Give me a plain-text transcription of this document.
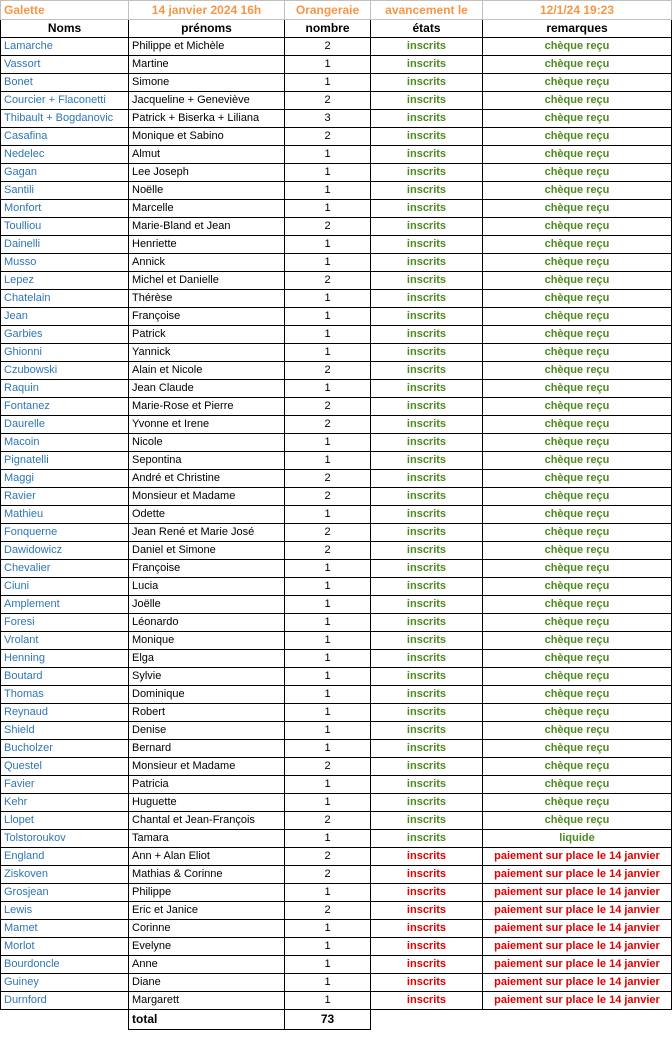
Galette	14 janvier 2024 16h	Orangeraie	avancement le	12/1/24 19:23
Noms	prénoms	nombre	états	remarques
Lamarche	Philippe et Michèle	2	inscrits	chèque reçu
Vassort	Martine	1	inscrits	chèque reçu
Bonet	Simone	1	inscrits	chèque reçu
Courcier + Flaconetti	Jacqueline + Geneviève	2	inscrits	chèque reçu
Thibault + Bogdanovic	Patrick + Biserka + Liliana	3	inscrits	chèque reçu
Casafina	Monique et Sabino	2	inscrits	chèque reçu
Nedelec	Almut	1	inscrits	chèque reçu
Gagan	Lee Joseph	1	inscrits	chèque reçu
Santili	Noëlle	1	inscrits	chèque reçu
Monfort	Marcelle	1	inscrits	chèque reçu
Toulliou	Marie-Bland et Jean	2	inscrits	chèque reçu
Dainelli	Henriette	1	inscrits	chèque reçu
Musso	Annick	1	inscrits	chèque reçu
Lepez	Michel et Danielle	2	inscrits	chèque reçu
Chatelain	Thérèse	1	inscrits	chèque reçu
Jean	Françoise	1	inscrits	chèque reçu
Garbies	Patrick	1	inscrits	chèque reçu
Ghionni	Yannick	1	inscrits	chèque reçu
Czubowski	Alain et Nicole	2	inscrits	chèque reçu
Raquin	Jean Claude	1	inscrits	chèque reçu
Fontanez	Marie-Rose et Pierre	2	inscrits	chèque reçu
Daurelle	Yvonne et Irene	2	inscrits	chèque reçu
Macoin	Nicole	1	inscrits	chèque reçu
Pignatelli	Sepontina	1	inscrits	chèque reçu
Maggi	André et Christine	2	inscrits	chèque reçu
Ravier	Monsieur et Madame	2	inscrits	chèque reçu
Mathieu	Odette	1	inscrits	chèque reçu
Fonquerne	Jean René et Marie José	2	inscrits	chèque reçu
Dawidowicz	Daniel et Simone	2	inscrits	chèque reçu
Chevalier	Françoise	1	inscrits	chèque reçu
Ciuni	Lucia	1	inscrits	chèque reçu
Amplement	Joëlle	1	inscrits	chèque reçu
Foresi	Léonardo	1	inscrits	chèque reçu
Vrolant	Monique	1	inscrits	chèque reçu
Henning	Elga	1	inscrits	chèque reçu
Boutard	Sylvie	1	inscrits	chèque reçu
Thomas	Dominique	1	inscrits	chèque reçu
Reynaud	Robert	1	inscrits	chèque reçu
Shield	Denise	1	inscrits	chèque reçu
Bucholzer	Bernard	1	inscrits	chèque reçu
Questel	Monsieur et Madame	2	inscrits	chèque reçu
Favier	Patricia	1	inscrits	chèque reçu
Kehr	Huguette	1	inscrits	chèque reçu
Llopet	Chantal et Jean-François	2	inscrits	chèque reçu
Tolstoroukov	Tamara	1	inscrits	liquide
England	Ann + Alan Eliot	2	inscrits	paiement sur place le 14 janvier
Ziskoven	Mathias & Corinne	2	inscrits	paiement sur place le 14 janvier
Grosjean	Philippe	1	inscrits	paiement sur place le 14 janvier
Lewis	Eric et Janice	2	inscrits	paiement sur place le 14 janvier
Mamet	Corinne	1	inscrits	paiement sur place le 14 janvier
Morlot	Evelyne	1	inscrits	paiement sur place le 14 janvier
Bourdoncle	Anne	1	inscrits	paiement sur place le 14 janvier
Guiney	Diane	1	inscrits	paiement sur place le 14 janvier
Durnford	Margarett	1	inscrits	paiement sur place le 14 janvier
	total	73		
